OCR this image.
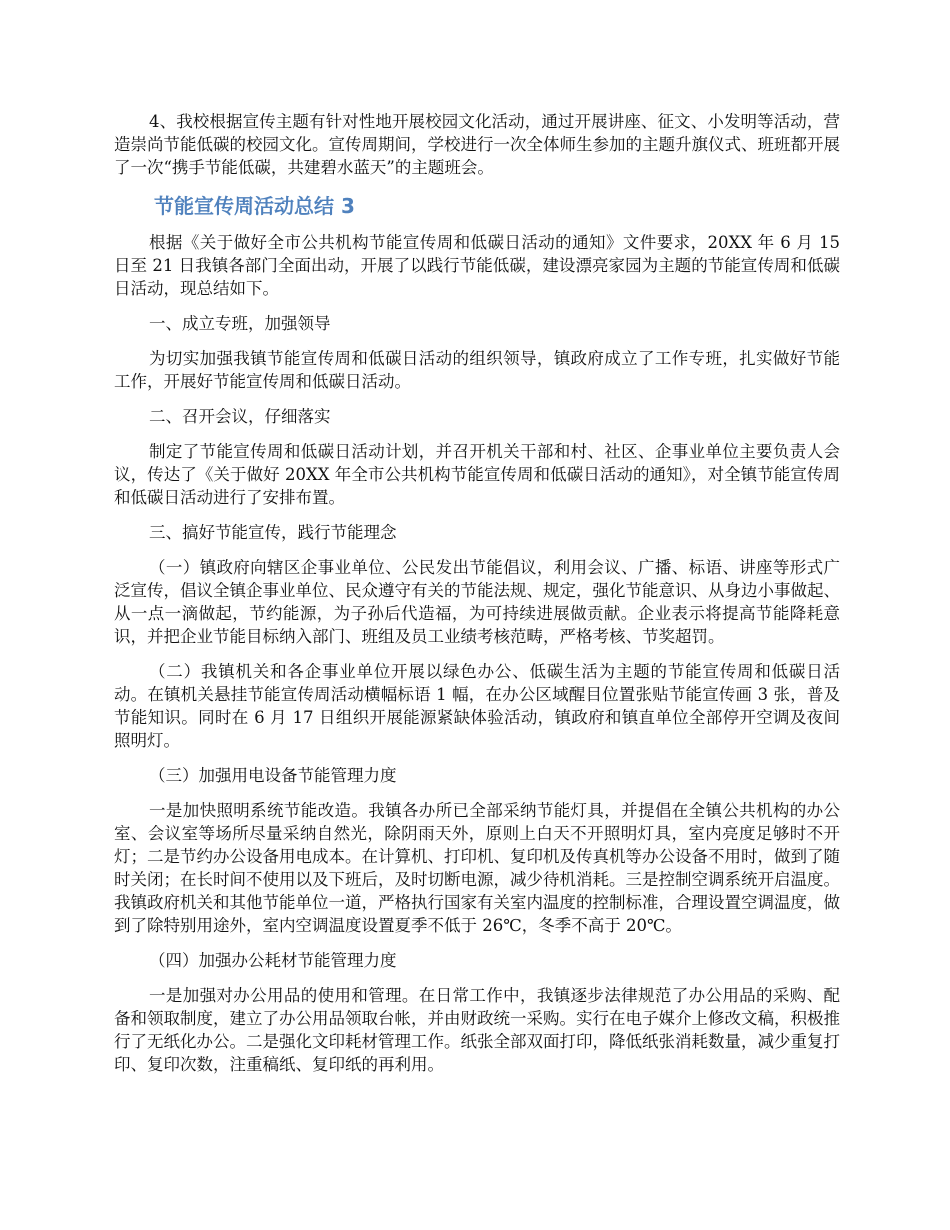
4、我校根据宣传主题有针对性地开展校园文化活动，通过开展讲座、征文、小发明等活动，营造崇尚节能低碳的校园文化。宣传周期间，学校进行一次全体师生参加的主题升旗仪式、班班都开展了一次“携手节能低碳，共建碧水蓝天”的主题班会。

节能宣传周活动总结 3

根据《关于做好全市公共机构节能宣传周和低碳日活动的通知》文件要求，20XX 年 6 月 15 日至 21 日我镇各部门全面出动，开展了以践行节能低碳，建设漂亮家园为主题的节能宣传周和低碳日活动，现总结如下。

一、成立专班，加强领导

为切实加强我镇节能宣传周和低碳日活动的组织领导，镇政府成立了工作专班，扎实做好节能工作，开展好节能宣传周和低碳日活动。

二、召开会议，仔细落实

制定了节能宣传周和低碳日活动计划，并召开机关干部和村、社区、企事业单位主要负责人会议，传达了《关于做好 20XX 年全市公共机构节能宣传周和低碳日活动的通知》，对全镇节能宣传周和低碳日活动进行了安排布置。

三、搞好节能宣传，践行节能理念

（一）镇政府向辖区企事业单位、公民发出节能倡议，利用会议、广播、标语、讲座等形式广泛宣传，倡议全镇企事业单位、民众遵守有关的节能法规、规定，强化节能意识、从身边小事做起、从一点一滴做起，节约能源，为子孙后代造福，为可持续进展做贡献。企业表示将提高节能降耗意识，并把企业节能目标纳入部门、班组及员工业绩考核范畴，严格考核、节奖超罚。

（二）我镇机关和各企事业单位开展以绿色办公、低碳生活为主题的节能宣传周和低碳日活动。在镇机关悬挂节能宣传周活动横幅标语 1 幅，在办公区域醒目位置张贴节能宣传画 3 张，普及节能知识。同时在 6 月 17 日组织开展能源紧缺体验活动，镇政府和镇直单位全部停开空调及夜间照明灯。

（三）加强用电设备节能管理力度

一是加快照明系统节能改造。我镇各办所已全部采纳节能灯具，并提倡在全镇公共机构的办公室、会议室等场所尽量采纳自然光，除阴雨天外，原则上白天不开照明灯具，室内亮度足够时不开灯；二是节约办公设备用电成本。在计算机、打印机、复印机及传真机等办公设备不用时，做到了随时关闭；在长时间不使用以及下班后，及时切断电源，减少待机消耗。三是控制空调系统开启温度。我镇政府机关和其他节能单位一道，严格执行国家有关室内温度的控制标准，合理设置空调温度，做到了除特别用途外，室内空调温度设置夏季不低于 26℃，冬季不高于 20℃。

（四）加强办公耗材节能管理力度

一是加强对办公用品的使用和管理。在日常工作中，我镇逐步法律规范了办公用品的采购、配备和领取制度，建立了办公用品领取台帐，并由财政统一采购。实行在电子媒介上修改文稿，积极推行了无纸化办公。二是强化文印耗材管理工作。纸张全部双面打印，降低纸张消耗数量，减少重复打印、复印次数，注重稿纸、复印纸的再利用。
